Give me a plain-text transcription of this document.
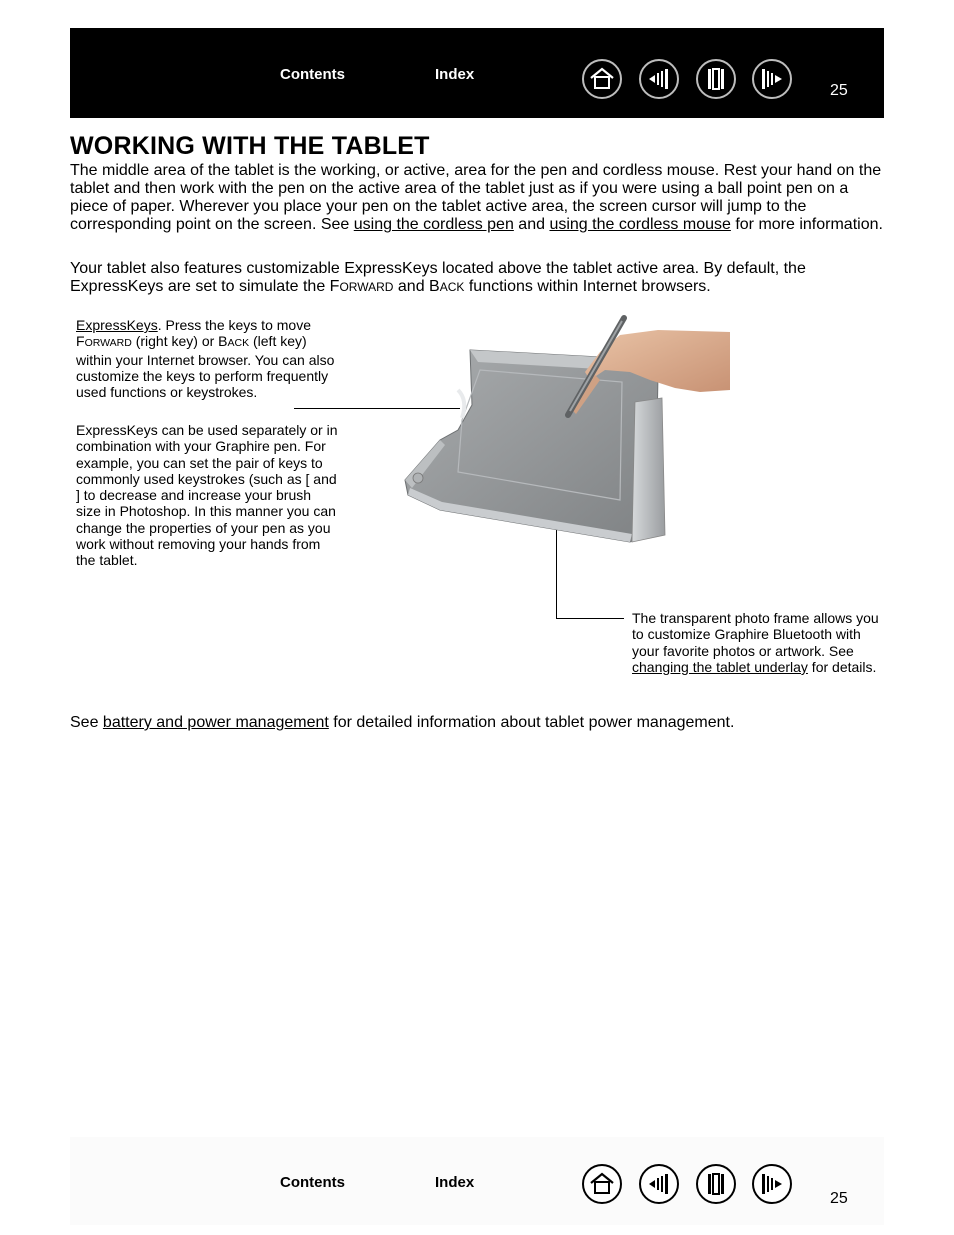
Contents	Index
25
WORKING WITH THE TABLET

The middle area of the tablet is the working, or active, area for the pen and cordless mouse. Rest your hand on the tablet and then work with the pen on the active area of the tablet just as if you were using a ball point pen on a piece of paper. Wherever you place your pen on the tablet active area, the screen cursor will jump to the corresponding point on the screen. See using the cordless pen and using the cordless mouse for more information.

Your tablet also features customizable ExpressKeys located above the tablet active area. By default, the ExpressKeys are set to simulate the FORWARD and BACK functions within Internet browsers.

ExpressKeys. Press the keys to move FORWARD (right key) or BACK (left key) within your Internet browser. You can also customize the keys to perform frequently used functions or keystrokes.

ExpressKeys can be used separately or in combination with your Graphire pen. For example, you can set the pair of keys to commonly used keystrokes (such as [ and ] to decrease and increase your brush size in Photoshop. In this manner you can change the properties of your pen as you work without removing your hands from the tablet.

The transparent photo frame allows you to customize Graphire Bluetooth with your favorite photos or artwork. See changing the tablet underlay for details.

See battery and power management for detailed information about tablet power management.

Contents	Index
25
